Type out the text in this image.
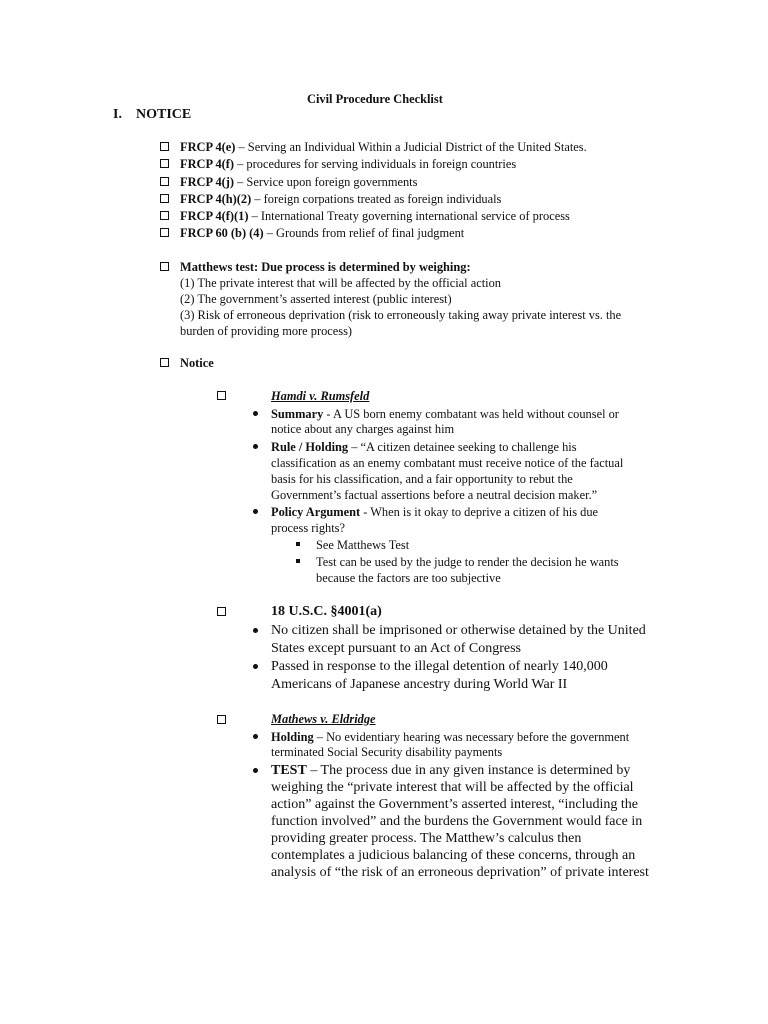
Civil Procedure Checklist
I. NOTICE
FRCP 4(e) – Serving an Individual Within a Judicial District of the United States.
FRCP 4(f) – procedures for serving individuals in foreign countries
FRCP 4(j) – Service upon foreign governments
FRCP 4(h)(2) – foreign corpations treated as foreign individuals
FRCP 4(f)(1) – International Treaty governing international service of process
FRCP 60 (b) (4) – Grounds from relief of final judgment
Matthews test: Due process is determined by weighing:
(1) The private interest that will be affected by the official action
(2) The government’s asserted interest (public interest)
(3) Risk of erroneous deprivation (risk to erroneously taking away private interest vs. the
burden of providing more process)
Notice
Hamdi v. Rumsfeld
Summary - A US born enemy combatant was held without counsel or
notice about any charges against him
Rule / Holding – “A citizen detainee seeking to challenge his
classification as an enemy combatant must receive notice of the factual
basis for his classification, and a fair opportunity to rebut the
Government’s factual assertions before a neutral decision maker.”
Policy Argument - When is it okay to deprive a citizen of his due
process rights?
See Matthews Test
Test can be used by the judge to render the decision he wants
because the factors are too subjective
18 U.S.C. §4001(a)
No citizen shall be imprisoned or otherwise detained by the United
States except pursuant to an Act of Congress
Passed in response to the illegal detention of nearly 140,000
Americans of Japanese ancestry during World War II
Mathews v. Eldridge
Holding – No evidentiary hearing was necessary before the government
terminated Social Security disability payments
TEST – The process due in any given instance is determined by
weighing the “private interest that will be affected by the official
action” against the Government’s asserted interest, “including the
function involved” and the burdens the Government would face in
providing greater process. The Matthew’s calculus then
contemplates a judicious balancing of these concerns, through an
analysis of “the risk of an erroneous deprivation” of private interest
